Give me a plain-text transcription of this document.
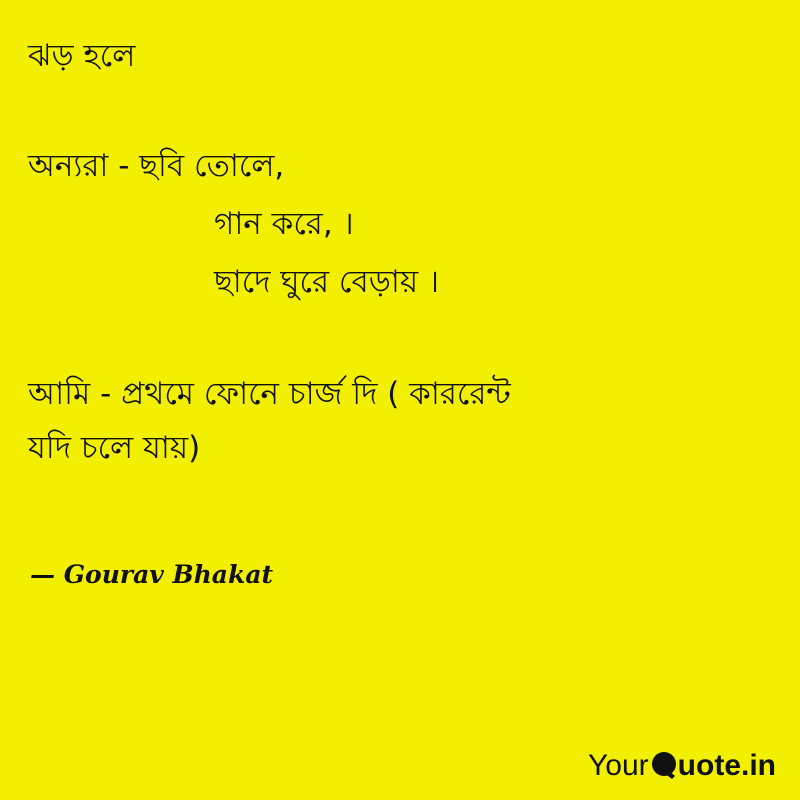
ঝড় হলে
অন্যরা - ছবি তোলে,
গান করে, ।
ছাদে ঘুরে বেড়ায় ।
আমি - প্রথমে ফোনে চার্জ দি ( কাররেন্ট
যদি চলে যায়)
— Gourav Bhakat
Your uote.in
